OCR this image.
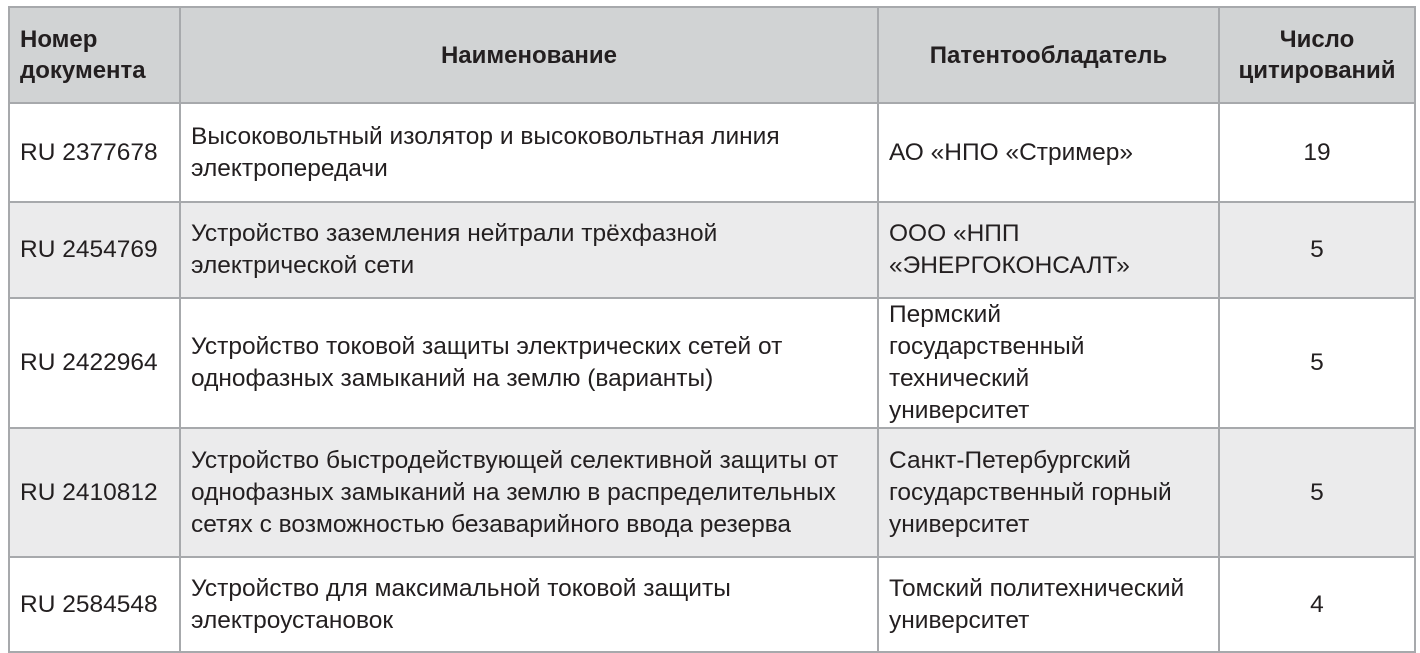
Номер документа	Наименование	Патентообладатель	Число цитирований

RU 2377678	Высоковольтный изолятор и высоковольтная линия электропередачи	АО «НПО «Стример»	19
RU 2454769	Устройство заземления нейтрали трёхфазной электрической сети	ООО «НПП «ЭНЕРГОКОНСАЛТ»	5
RU 2422964	Устройство токовой защиты электрических сетей от однофазных замыканий на землю (варианты)	Пермский государственный технический университет	5
RU 2410812	Устройство быстродействующей селективной защиты от однофазных замыканий на землю в распределительных сетях с возможностью безаварийного ввода резерва	Санкт-Петербургский государственный горный университет	5
RU 2584548	Устройство для максимальной токовой защиты электроустановок	Томский политехнический университет	4
